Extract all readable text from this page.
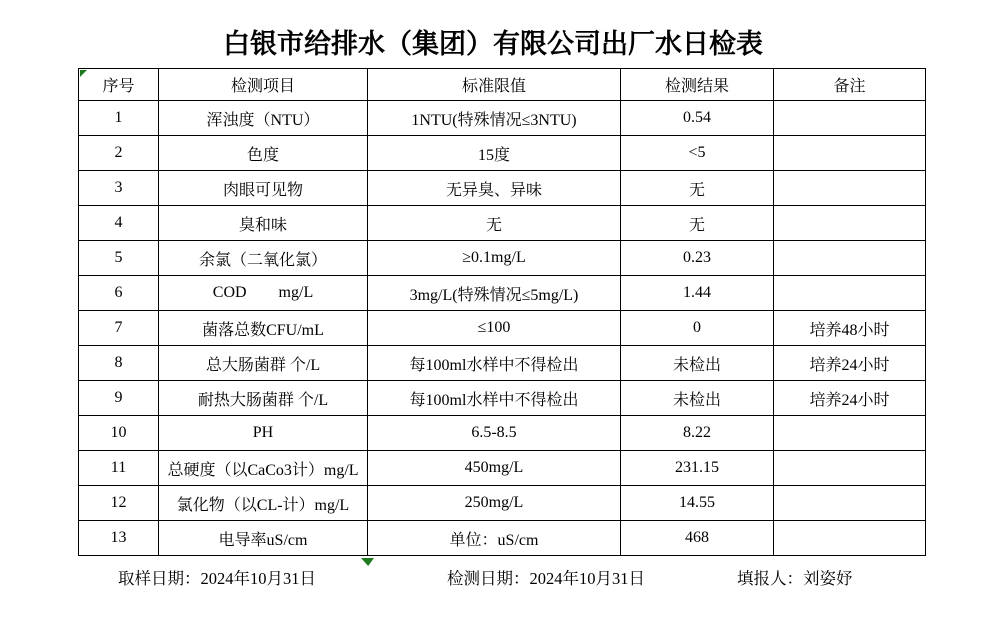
白银市给排水（集团）有限公司出厂水日检表
序号	检测项目	标准限值	检测结果	备注
1	浑浊度（NTU）	1NTU(特殊情况≤3NTU)	0.54	
2	色度	15度	<5	
3	肉眼可见物	无异臭、异味	无	
4	臭和味	无	无	
5	余氯（二氧化氯）	≥0.1mg/L	0.23	
6	COD        mg/L	3mg/L(特殊情况≤5mg/L)	1.44	
7	菌落总数CFU/mL	≤100	0	培养48小时
8	总大肠菌群 个/L	每100ml水样中不得检出	未检出	培养24小时
9	耐热大肠菌群 个/L	每100ml水样中不得检出	未检出	培养24小时
10	PH	6.5-8.5	8.22	
11	总硬度（以CaCo3计）mg/L	450mg/L	231.15	
12	氯化物（以CL-计）mg/L	250mg/L	14.55	
13	电导率uS/cm	单位：uS/cm	468	
取样日期：2024年10月31日	检测日期：2024年10月31日	填报人：刘姿妤
